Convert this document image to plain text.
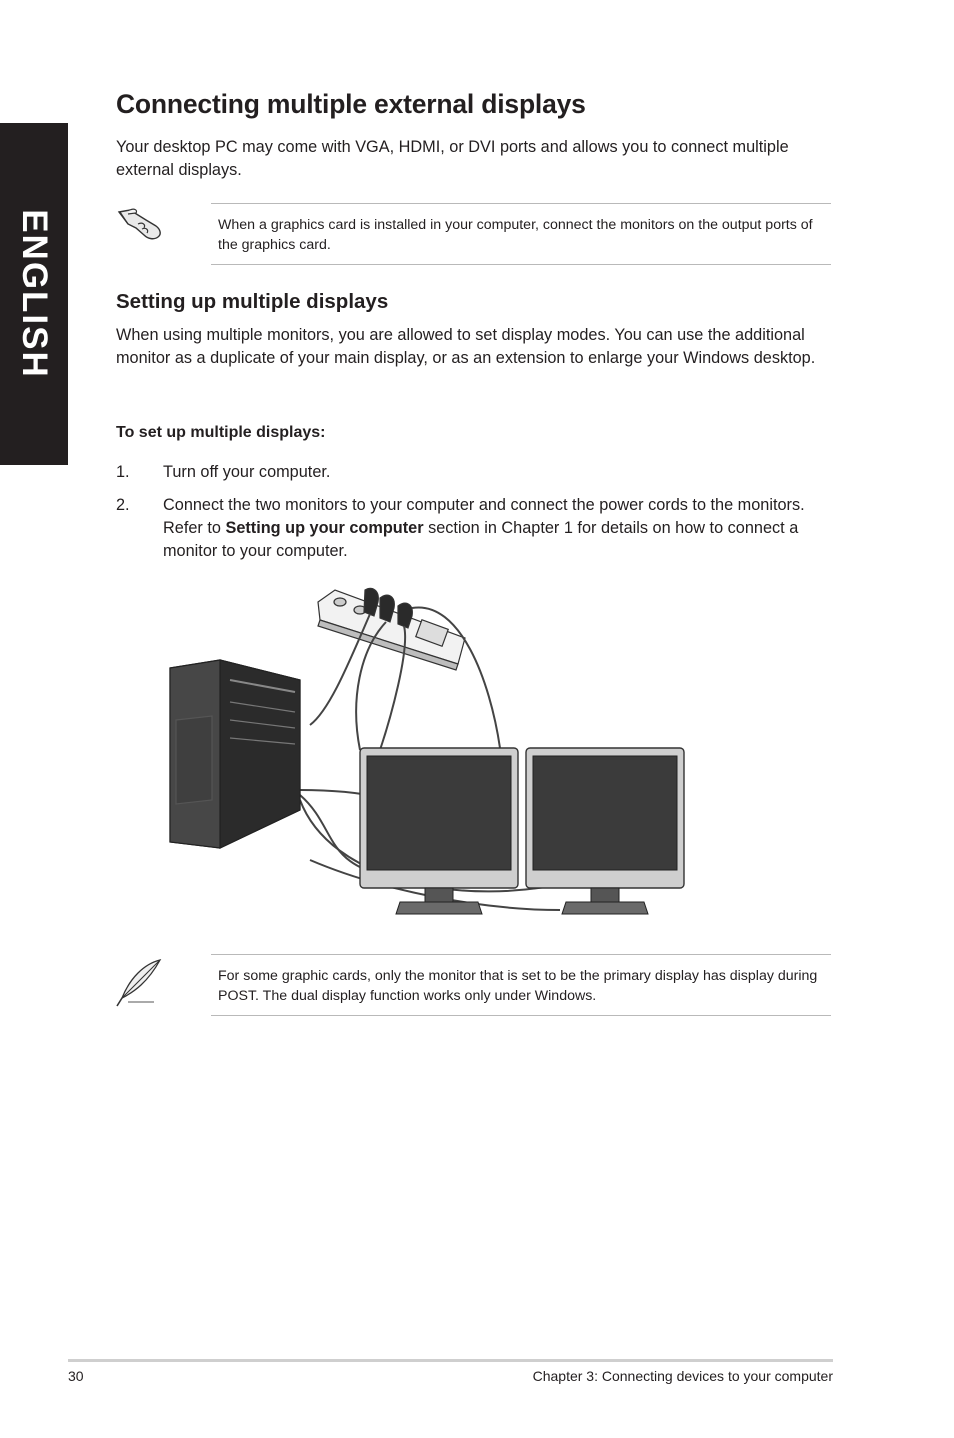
ENGLISH
Connecting multiple external displays

Your desktop PC may come with VGA, HDMI, or DVI ports and allows you to connect multiple external displays.

When a graphics card is installed in your computer, connect the monitors on the output ports of the graphics card.

Setting up multiple displays

When using multiple monitors, you are allowed to set display modes. You can use the additional monitor as a duplicate of your main display, or as an extension to enlarge your Windows desktop.

To set up multiple displays:

1. Turn off your computer.

2. Connect the two monitors to your computer and connect the power cords to the monitors. Refer to Setting up your computer section in Chapter 1 for details on how to connect a monitor to your computer.

For some graphic cards, only the monitor that is set to be the primary display has display during POST. The dual display function works only under Windows.

30	Chapter 3: Connecting devices to your computer
